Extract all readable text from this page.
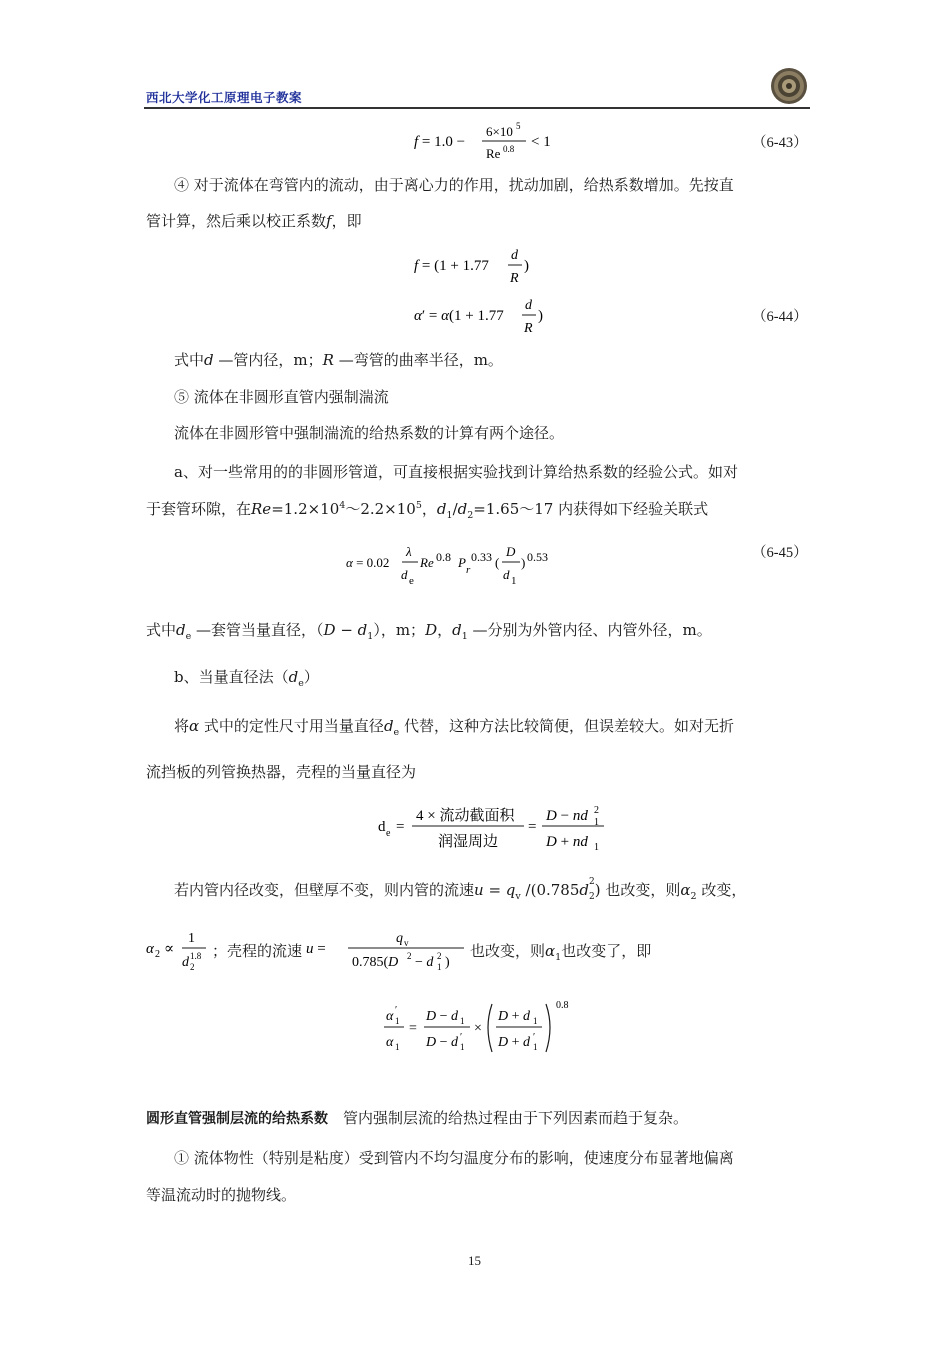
西北大学化工原理电子教案
f = 1.0 −
6×10 5
Re 0.8 < 1	（6-43）
④ 对于流体在弯管内的流动，由于离心力的作用，扰动加剧，给热系数增加。先按直
管计算，然后乘以校正系数f，即
f = (1 + 1.77
d
R
)
α′ = α(1 + 1.77
d
R
)	（6-44）
式中d —管内径，m；R —弯管的曲率半径，m。
⑤ 流体在非圆形直管内强制湍流
流体在非圆形管中强制湍流的给热系数的计算有两个途径。
a、对一些常用的的非圆形管道，可直接根据实验找到计算给热系数的经验公式。如对
于套管环隙，在$Re=1.2\times 10^4\sim 2.2\times 10^5$，$d_1/d_2=1.65\sim 17$ 内获得如下经验关联式
α = 0.02
λ
d e
Re 0.8 P r
0.33 (
D
d 1
) 0.53	（6-45）
式中$d_e$ —套管当量直径，$(D - d_1)$，m；D，$d_1$ —分别为外管内径、内管外径，m。
b、当量直径法$(d_e)$
将α 式中的定性尺寸用当量直径$d_e$ 代替，这种方法比较简便，但误差较大。如对无折
流挡板的列管换热器，壳程的当量直径为
d e =
4 × 流动截面积
润湿周边
=
D − nd 2
1
D + nd 1
若内管内径改变，但壁厚不变，则内管的流速$u = q_v$ /(0.785d 2
$_2$) 也改变，则$\alpha_2$ 改变，
α 2 ∝
1
d 1.8
2
；壳程的流速 u =
q v
0.785(D 2 − d 2
1 )
也改变，则$\alpha_1$也改变了，即
α ′
1
α 1
=
D − d 1
D − d ′
1
×
D + d 1
D + d ′
1
0.8
圆形直管强制层流的给热系数　管内强制层流的给热过程由于下列因素而趋于复杂。
① 流体物性（特别是粘度）受到管内不均匀温度分布的影响，使速度分布显著地偏离
等温流动时的抛物线。
15
